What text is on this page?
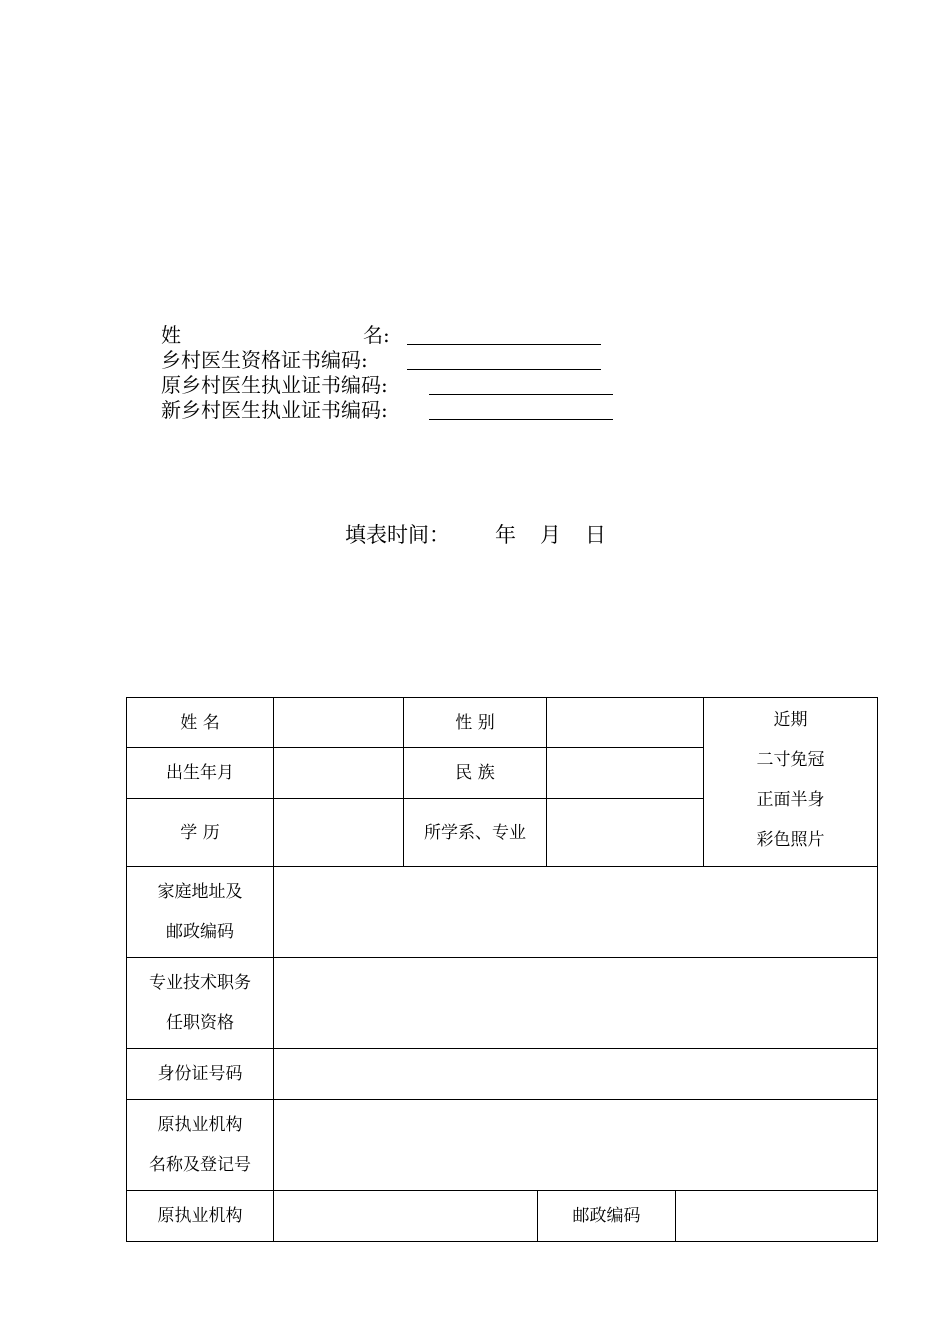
姓	名:
乡村医生资格证书编码:
原乡村医生执业证书编码:
新乡村医生执业证书编码:
填表时间： 年 月 日
姓 名		性 别				近期
二寸免冠
正面半身
彩色照片

出生年月		民 族				
学 历		所学系、专业				

家庭地址及
邮政编码						

专业技术职务
任职资格						

身份证号码						

原执业机构
名称及登记号						

原执业机构			邮政编码			
